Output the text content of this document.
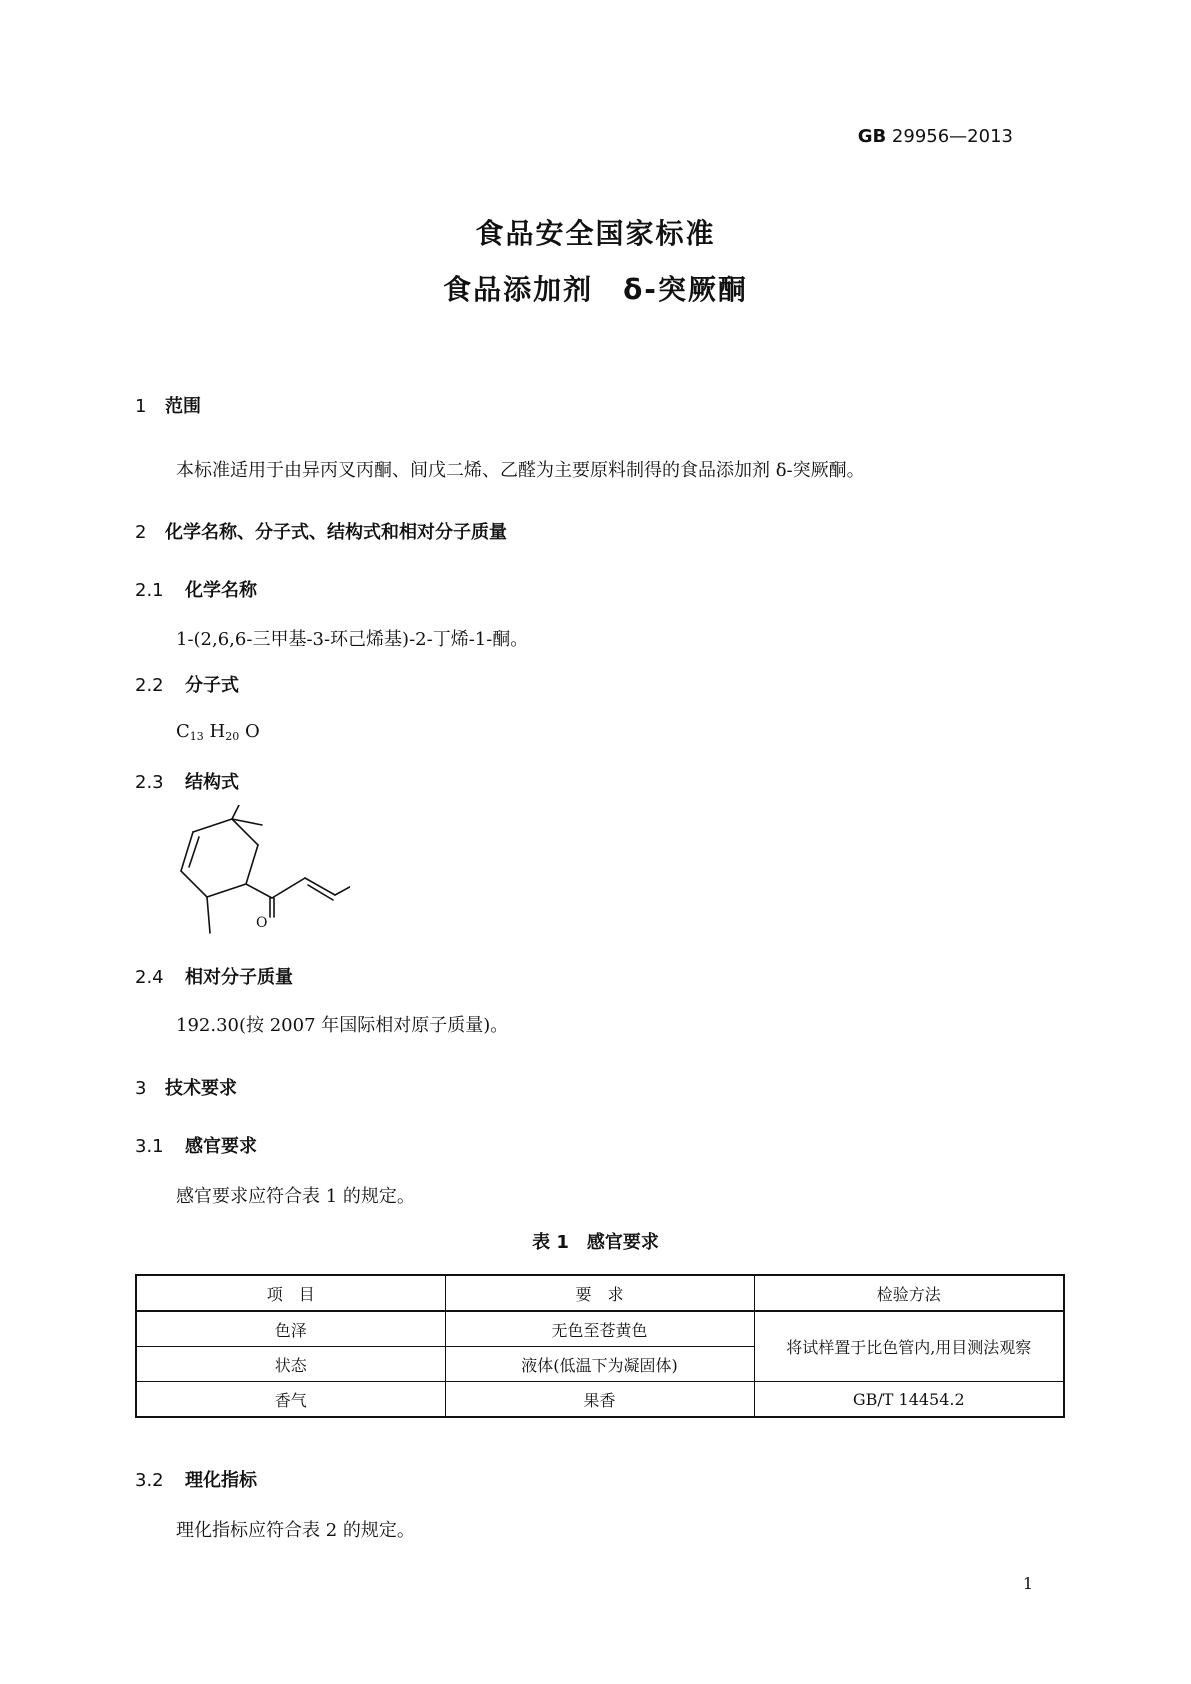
GB 29956—2013
食品安全国家标准
食品添加剂　δ-突厥酮
1 范围
本标准适用于由异丙叉丙酮、间戊二烯、乙醛为主要原料制得的食品添加剂 δ-突厥酮。
2 化学名称、分子式、结构式和相对分子质量
2.1 化学名称
1-(2,6,6-三甲基-3-环己烯基)-2-丁烯-1-酮。
2.2 分子式
$C_{13}$ $H_{20}$ O
2.3 结构式
O
2.4 相对分子质量
192.30(按 2007 年国际相对原子质量)。
3 技术要求
3.1 感官要求
感官要求应符合表 1 的规定。
表 1　感官要求
项　目	要　求	检验方法
色泽	无色至苍黄色	将试样置于比色管内,用目测法观察
状态	液体(低温下为凝固体)	
香气	果香	GB/T 14454.2
3.2 理化指标
理化指标应符合表 2 的规定。
1
